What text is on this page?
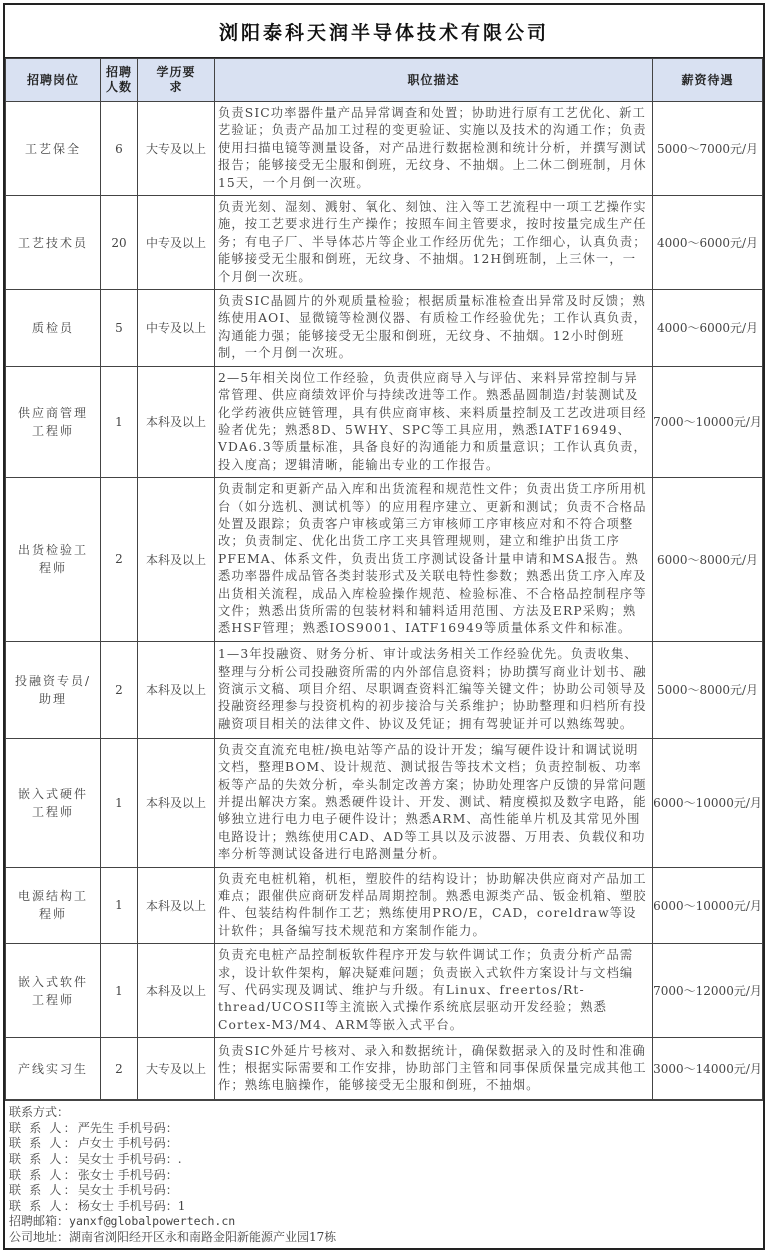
浏阳泰科天润半导体技术有限公司
招聘岗位	招聘人数	学历要求	职位描述	薪资待遇
工艺保全	6	大专及以上	负责SIC功率器件量产品异常调查和处置；协助进行原有工艺优化、新工艺验证；负责产品加工过程的变更验证、实施以及技术的沟通工作；负责使用扫描电镜等测量设备，对产品进行数据检测和统计分析，并撰写测试报告；能够接受无尘服和倒班，无纹身、不抽烟。上二休二倒班制，月休15天，一个月倒一次班。	5000～7000元/月
工艺技术员	20	中专及以上	负责光刻、湿刻、溅射、氧化、刻蚀、注入等工艺流程中一项工艺操作实施，按工艺要求进行生产操作；按照车间主管要求，按时按量完成生产任务；有电子厂、半导体芯片等企业工作经历优先；工作细心，认真负责；能够接受无尘服和倒班，无纹身、不抽烟。12H倒班制，上三休一，一个月倒一次班。	4000～6000元/月
质检员	5	中专及以上	负责SIC晶圆片的外观质量检验；根据质量标准检查出异常及时反馈；熟练使用AOI、显微镜等检测仪器、有质检工作经验优先；工作认真负责，沟通能力强；能够接受无尘服和倒班，无纹身、不抽烟。12小时倒班制，一个月倒一次班。	4000～6000元/月
供应商管理工程师	1	本科及以上	2—5年相关岗位工作经验，负责供应商导入与评估、来料异常控制与异常管理、供应商绩效评价与持续改进等工作。熟悉晶圆制造/封装测试及化学药液供应链管理，具有供应商审核、来料质量控制及工艺改进项目经验者优先；熟悉8D、5WHY、SPC等工具应用，熟悉IATF16949、VDA6.3等质量标准，具备良好的沟通能力和质量意识；工作认真负责，投入度高；逻辑清晰，能输出专业的工作报告。	7000～10000元/月
出货检验工程师	2	本科及以上	负责制定和更新产品入库和出货流程和规范性文件；负责出货工序所用机台（如分选机、测试机等）的应用程序建立、更新和测试；负责不合格品处置及跟踪；负责客户审核或第三方审核师工序审核应对和不符合项整改；负责制定、优化出货工序工夹具管理规则，建立和维护出货工序PFEMA、体系文件，负责出货工序测试设备计量申请和MSA报告。熟悉功率器件成品管各类封装形式及关联电特性参数；熟悉出货工序入库及出货相关流程，成品入库检验操作规范、检验标准、不合格品控制程序等文件；熟悉出货所需的包装材料和辅料适用范围、方法及ERP采购；熟悉HSF管理；熟悉IOS9001、IATF16949等质量体系文件和标准。	6000～8000元/月
投融资专员/助理	2	本科及以上	1—3年投融资、财务分析、审计或法务相关工作经验优先。负责收集、整理与分析公司投融资所需的内外部信息资料；协助撰写商业计划书、融资演示文稿、项目介绍、尽职调查资料汇编等关键文件；协助公司领导及投融资经理参与投资机构的初步接洽与关系维护；协助整理和归档所有投融资项目相关的法律文件、协议及凭证；拥有驾驶证并可以熟练驾驶。	5000～8000元/月
嵌入式硬件工程师	1	本科及以上	负责交直流充电桩/换电站等产品的设计开发；编写硬件设计和调试说明文档，整理BOM、设计规范、测试报告等技术文档；负责控制板、功率板等产品的失效分析，牵头制定改善方案；协助处理客户反馈的异常问题并提出解决方案。熟悉硬件设计、开发、测试、精度模拟及数字电路，能够独立进行电力电子硬件设计；熟悉ARM、高性能单片机及其常见外围电路设计；熟练使用CAD、AD等工具以及示波器、万用表、负载仪和功率分析等测试设备进行电路测量分析。	6000～10000元/月
电源结构工程师	1	本科及以上	负责充电桩机箱，机柜，塑胶件的结构设计；协助解决供应商对产品加工难点；跟催供应商研发样品周期控制。熟悉电源类产品、钣金机箱、塑胶件、包装结构件制作工艺；熟练使用PRO/E，CAD，coreldraw等设计软件；具备编写技术规范和方案制作能力。	6000～10000元/月
嵌入式软件工程师	1	本科及以上	负责充电桩产品控制板软件程序开发与软件调试工作；负责分析产品需求，设计软件架构，解决疑难问题；负责嵌入式软件方案设计与文档编写、代码实现及调试、维护与升级。有Linux、freertos/Rt-thread/UCOSII等主流嵌入式操作系统底层驱动开发经验；熟悉Cortex-M3/M4、ARM等嵌入式平台。	7000～12000元/月
产线实习生	2	大专及以上	负责SIC外延片号核对、录入和数据统计，确保数据录入的及时性和准确性；根据实际需要和工作安排，协助部门主管和同事保质保量完成其他工作；熟练电脑操作，能够接受无尘服和倒班，不抽烟。	3000～14000元/月
联系方式：
联 系 人：严先生 手机号码：
联 系 人：卢女士 手机号码：
联 系 人：吴女士 手机号码：.
联 系 人：张女士 手机号码：
联 系 人：吴女士 手机号码：
联 系 人：杨女士 手机号码：1
招聘邮箱：yanxf@globalpowertech.cn
公司地址：湖南省浏阳经开区永和南路金阳新能源产业园17栋
